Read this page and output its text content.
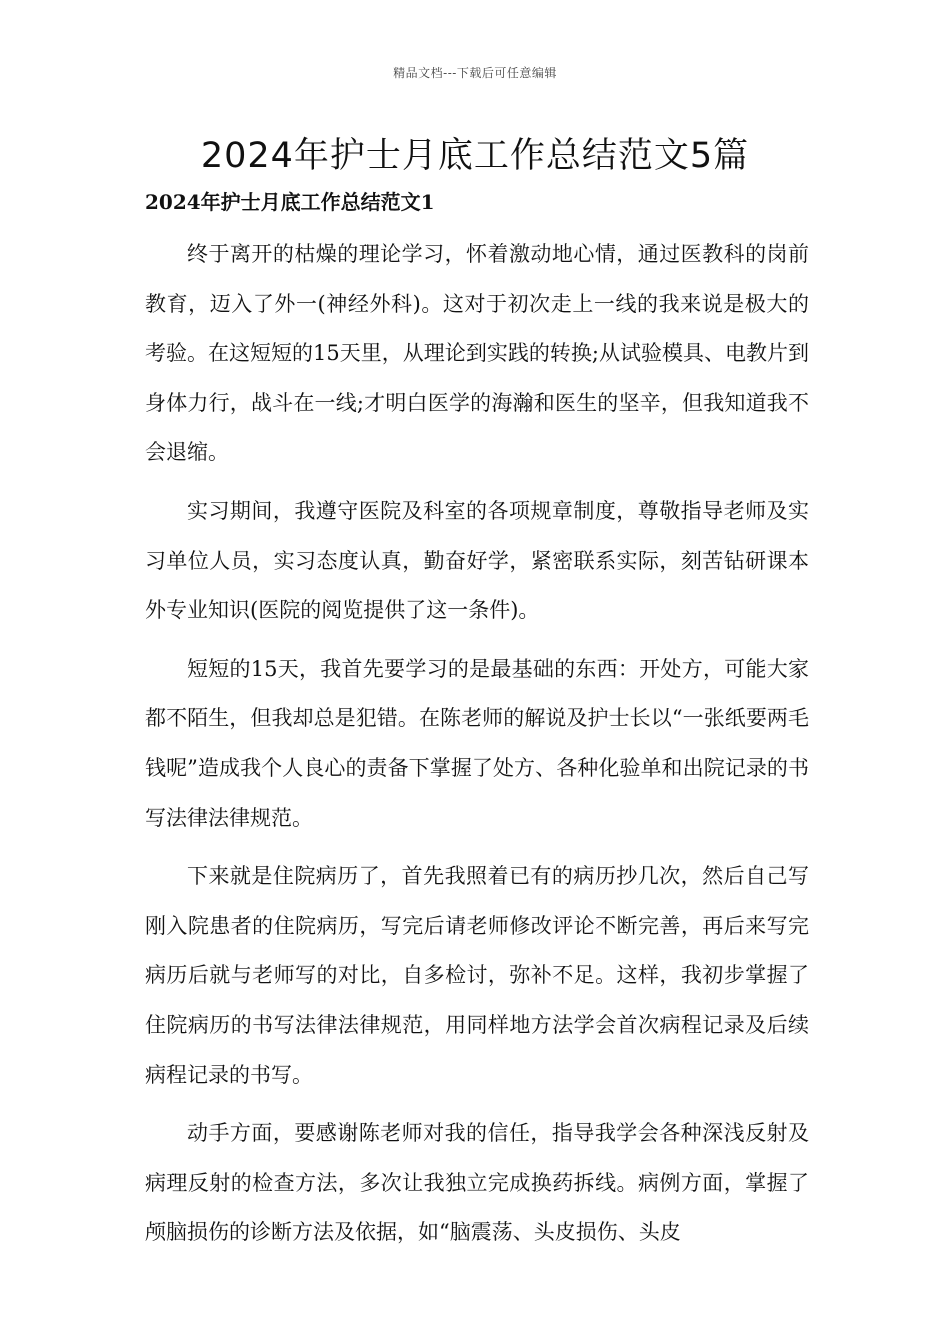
精品文档---下载后可任意编辑
2024年护士月底工作总结范文5篇
2024年护士月底工作总结范文1

终于离开的枯燥的理论学习，怀着激动地心情，通过医教科的岗前教育，迈入了外一(神经外科)。这对于初次走上一线的我来说是极大的考验。在这短短的15天里，从理论到实践的转换;从试验模具、电教片到身体力行，战斗在一线;才明白医学的海瀚和医生的坚辛，但我知道我不会退缩。

实习期间，我遵守医院及科室的各项规章制度，尊敬指导老师及实习单位人员，实习态度认真，勤奋好学，紧密联系实际，刻苦钻研课本外专业知识(医院的阅览提供了这一条件)。

短短的15天，我首先要学习的是最基础的东西：开处方，可能大家都不陌生，但我却总是犯错。在陈老师的解说及护士长以“一张纸要两毛钱呢”造成我个人良心的责备下掌握了处方、各种化验单和出院记录的书写法律法律规范。

下来就是住院病历了，首先我照着已有的病历抄几次，然后自己写刚入院患者的住院病历，写完后请老师修改评论不断完善，再后来写完病历后就与老师写的对比，自多检讨，弥补不足。这样，我初步掌握了住院病历的书写法律法律规范，用同样地方法学会首次病程记录及后续病程记录的书写。

动手方面，要感谢陈老师对我的信任，指导我学会各种深浅反射及病理反射的检查方法，多次让我独立完成换药拆线。病例方面，掌握了颅脑损伤的诊断方法及依据，如“脑震荡、头皮损伤、头皮
